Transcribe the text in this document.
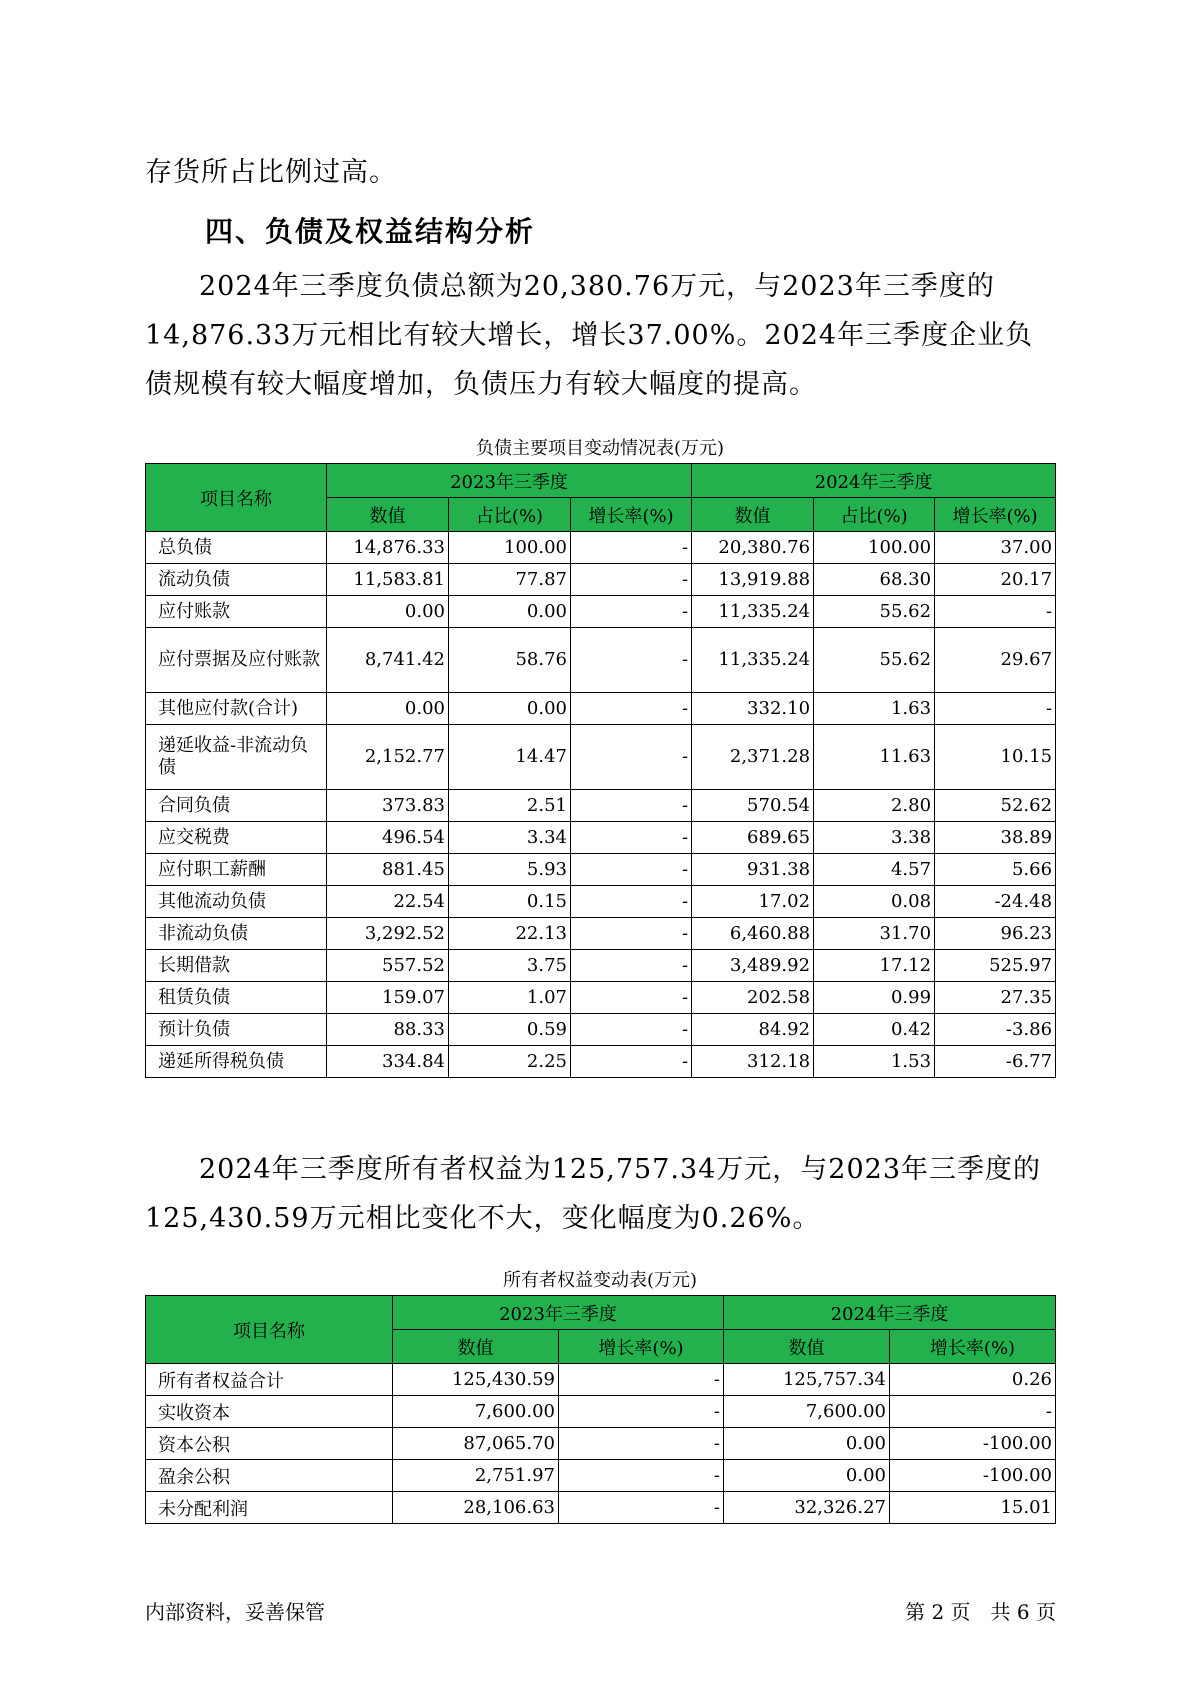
存货所占比例过高。

四、负债及权益结构分析

2024年三季度负债总额为20,380.76万元，与2023年三季度的14,876.33万元相比有较大增长，增长37.00%。2024年三季度企业负债规模有较大幅度增加，负债压力有较大幅度的提高。

负债主要项目变动情况表(万元)
项目名称	2023年三季度			2024年三季度		
	数值	占比(%)	增长率(%)	数值	占比(%)	增长率(%)
总负债	14,876.33	100.00	-	20,380.76	100.00	37.00
流动负债	11,583.81	77.87	-	13,919.88	68.30	20.17
应付账款	0.00	0.00	-	11,335.24	55.62	-
应付票据及应付账款	8,741.42	58.76	-	11,335.24	55.62	29.67
其他应付款(合计)	0.00	0.00	-	332.10	1.63	-
递延收益-非流动负债	2,152.77	14.47	-	2,371.28	11.63	10.15
合同负债	373.83	2.51	-	570.54	2.80	52.62
应交税费	496.54	3.34	-	689.65	3.38	38.89
应付职工薪酬	881.45	5.93	-	931.38	4.57	5.66
其他流动负债	22.54	0.15	-	17.02	0.08	-24.48
非流动负债	3,292.52	22.13	-	6,460.88	31.70	96.23
长期借款	557.52	3.75	-	3,489.92	17.12	525.97
租赁负债	159.07	1.07	-	202.58	0.99	27.35
预计负债	88.33	0.59	-	84.92	0.42	-3.86
递延所得税负债	334.84	2.25	-	312.18	1.53	-6.77

2024年三季度所有者权益为125,757.34万元，与2023年三季度的125,430.59万元相比变化不大，变化幅度为0.26%。

所有者权益变动表(万元)
项目名称	2023年三季度		2024年三季度	
	数值	增长率(%)	数值	增长率(%)
所有者权益合计	125,430.59	-	125,757.34	0.26
实收资本	7,600.00	-	7,600.00	-
资本公积	87,065.70	-	0.00	-100.00
盈余公积	2,751.97	-	0.00	-100.00
未分配利润	28,106.63	-	32,326.27	15.01
内部资料，妥善保管	第 2 页　共 6 页
